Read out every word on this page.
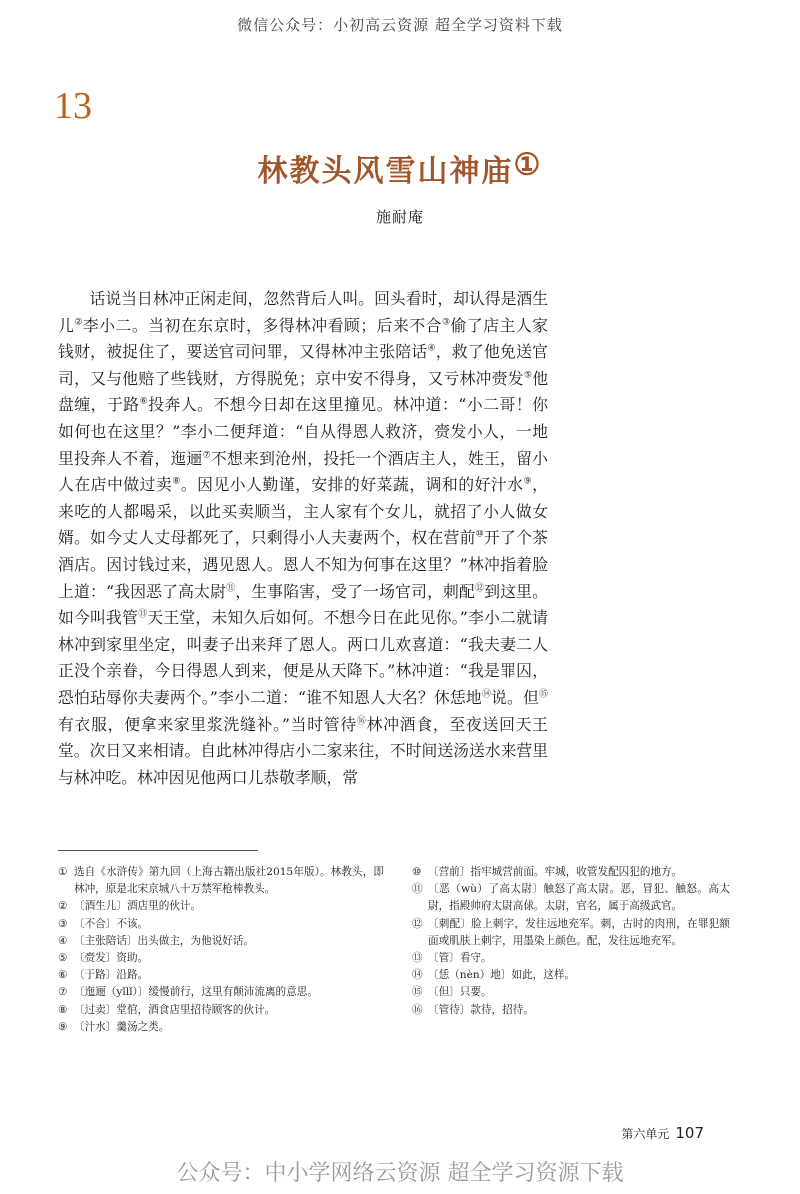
微信公众号：小初高云资源 超全学习资料下载
13
林教头风雪山神庙①
施耐庵
话说当日林冲正闲走间，忽然背后人叫。回头看时，却认得是酒生儿②李小二。当初在东京时，多得林冲看顾；后来不合③偷了店主人家钱财，被捉住了，要送官司问罪，又得林冲主张陪话④，救了他免送官司，又与他赔了些钱财，方得脱免；京中安不得身，又亏林冲赍发⑤他盘缠，于路⑥投奔人。不想今日却在这里撞见。林冲道：“小二哥！你如何也在这里？”李小二便拜道：“自从得恩人救济，赍发小人，一地里投奔人不着，迤逦⑦不想来到沧州，投托一个酒店主人，姓王，留小人在店中做过卖⑧。因见小人勤谨，安排的好菜蔬，调和的好汁水⑨，来吃的人都喝采，以此买卖顺当，主人家有个女儿，就招了小人做女婿。如今丈人丈母都死了，只剩得小人夫妻两个，权在营前⑩开了个茶酒店。因讨钱过来，遇见恩人。恩人不知为何事在这里？”林冲指着脸上道：“我因恶了高太尉⑪，生事陷害，受了一场官司，刺配⑫到这里。如今叫我管⑬天王堂，未知久后如何。不想今日在此见你。”李小二就请林冲到家里坐定，叫妻子出来拜了恩人。两口儿欢喜道：“我夫妻二人正没个亲眷，今日得恩人到来，便是从天降下。”林冲道：“我是罪囚，恐怕玷辱你夫妻两个。”李小二道：“谁不知恩人大名？休恁地⑭说。但⑮有衣服，便拿来家里浆洗缝补。”当时管待⑯林冲酒食，至夜送回天王堂。次日又来相请。自此林冲得店小二家来往，不时间送汤送水来营里与林冲吃。林冲因见他两口儿恭敬孝顺，常
① 选自《水浒传》第九回（上海古籍出版社2015年版）。林教头，即林冲，原是北宋京城八十万禁军枪棒教头。
② 〔酒生儿〕酒店里的伙计。
③ 〔不合〕不该。
④ 〔主张陪话〕出头做主，为他说好话。
⑤ 〔赍发〕资助。
⑥ 〔于路〕沿路。
⑦ 〔迤逦（yǐlǐ）〕缓慢前行，这里有颠沛流离的意思。
⑧ 〔过卖〕堂倌，酒食店里招待顾客的伙计。
⑨ 〔汁水〕羹汤之类。
⑩ 〔营前〕指牢城营前面。牢城，收管发配囚犯的地方。
⑪ 〔恶（wù）了高太尉〕触怒了高太尉。恶，冒犯、触怒。高太尉，指殿帅府太尉高俅。太尉，官名，属于高级武官。
⑫ 〔刺配〕脸上刺字，发往远地充军。刺，古时的肉刑，在罪犯额面或肌肤上刺字，用墨染上颜色。配，发往远地充军。
⑬ 〔管〕看守。
⑭ 〔恁（nèn）地〕如此，这样。
⑮ 〔但〕只要。
⑯ 〔管待〕款待，招待。
第六单元 107
公众号：中小学网络云资源 超全学习资源下载
